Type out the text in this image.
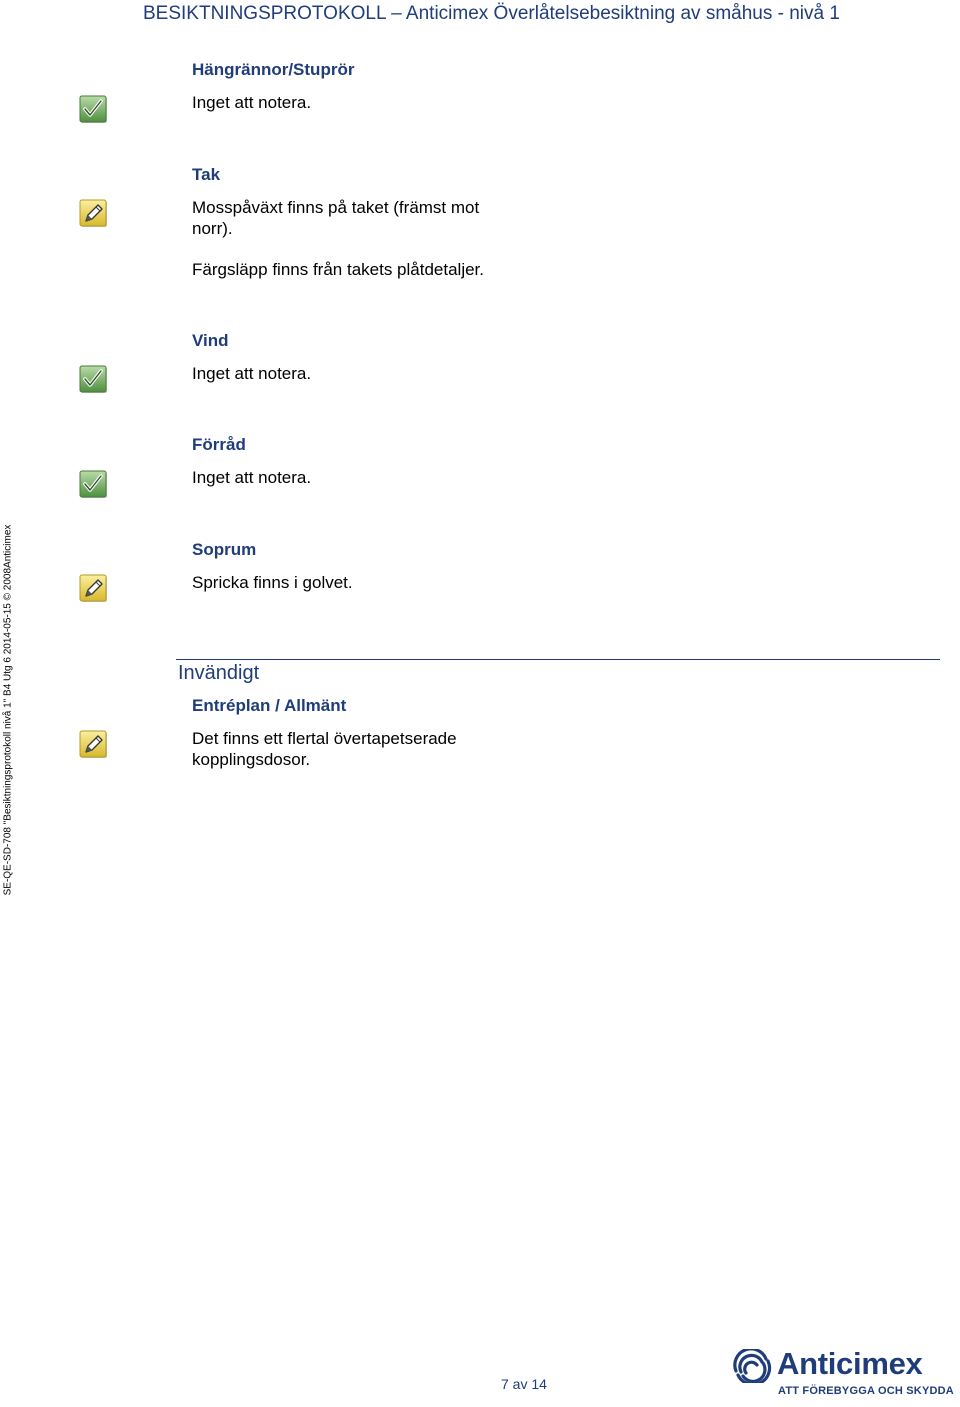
BESIKTNINGSPROTOKOLL – Anticimex Överlåtelsebesiktning av småhus - nivå 1
SE-QE-SD-708 "Besiktningsprotokoll nivå 1" B4 Utg 6 2014-05-15 © 2008Anticimex
Hängrännor/Stuprör
Inget att notera.
Tak
Mosspåväxt finns på taket (främst mot
norr).
Färgsläpp finns från takets plåtdetaljer.
Vind
Inget att notera.
Förråd
Inget att notera.
Soprum
Spricka finns i golvet.
Invändigt
Entréplan / Allmänt
Det finns ett flertal övertapetserade
kopplingsdosor.
7 av 14
Anticimex
ATT FÖREBYGGA OCH SKYDDA
